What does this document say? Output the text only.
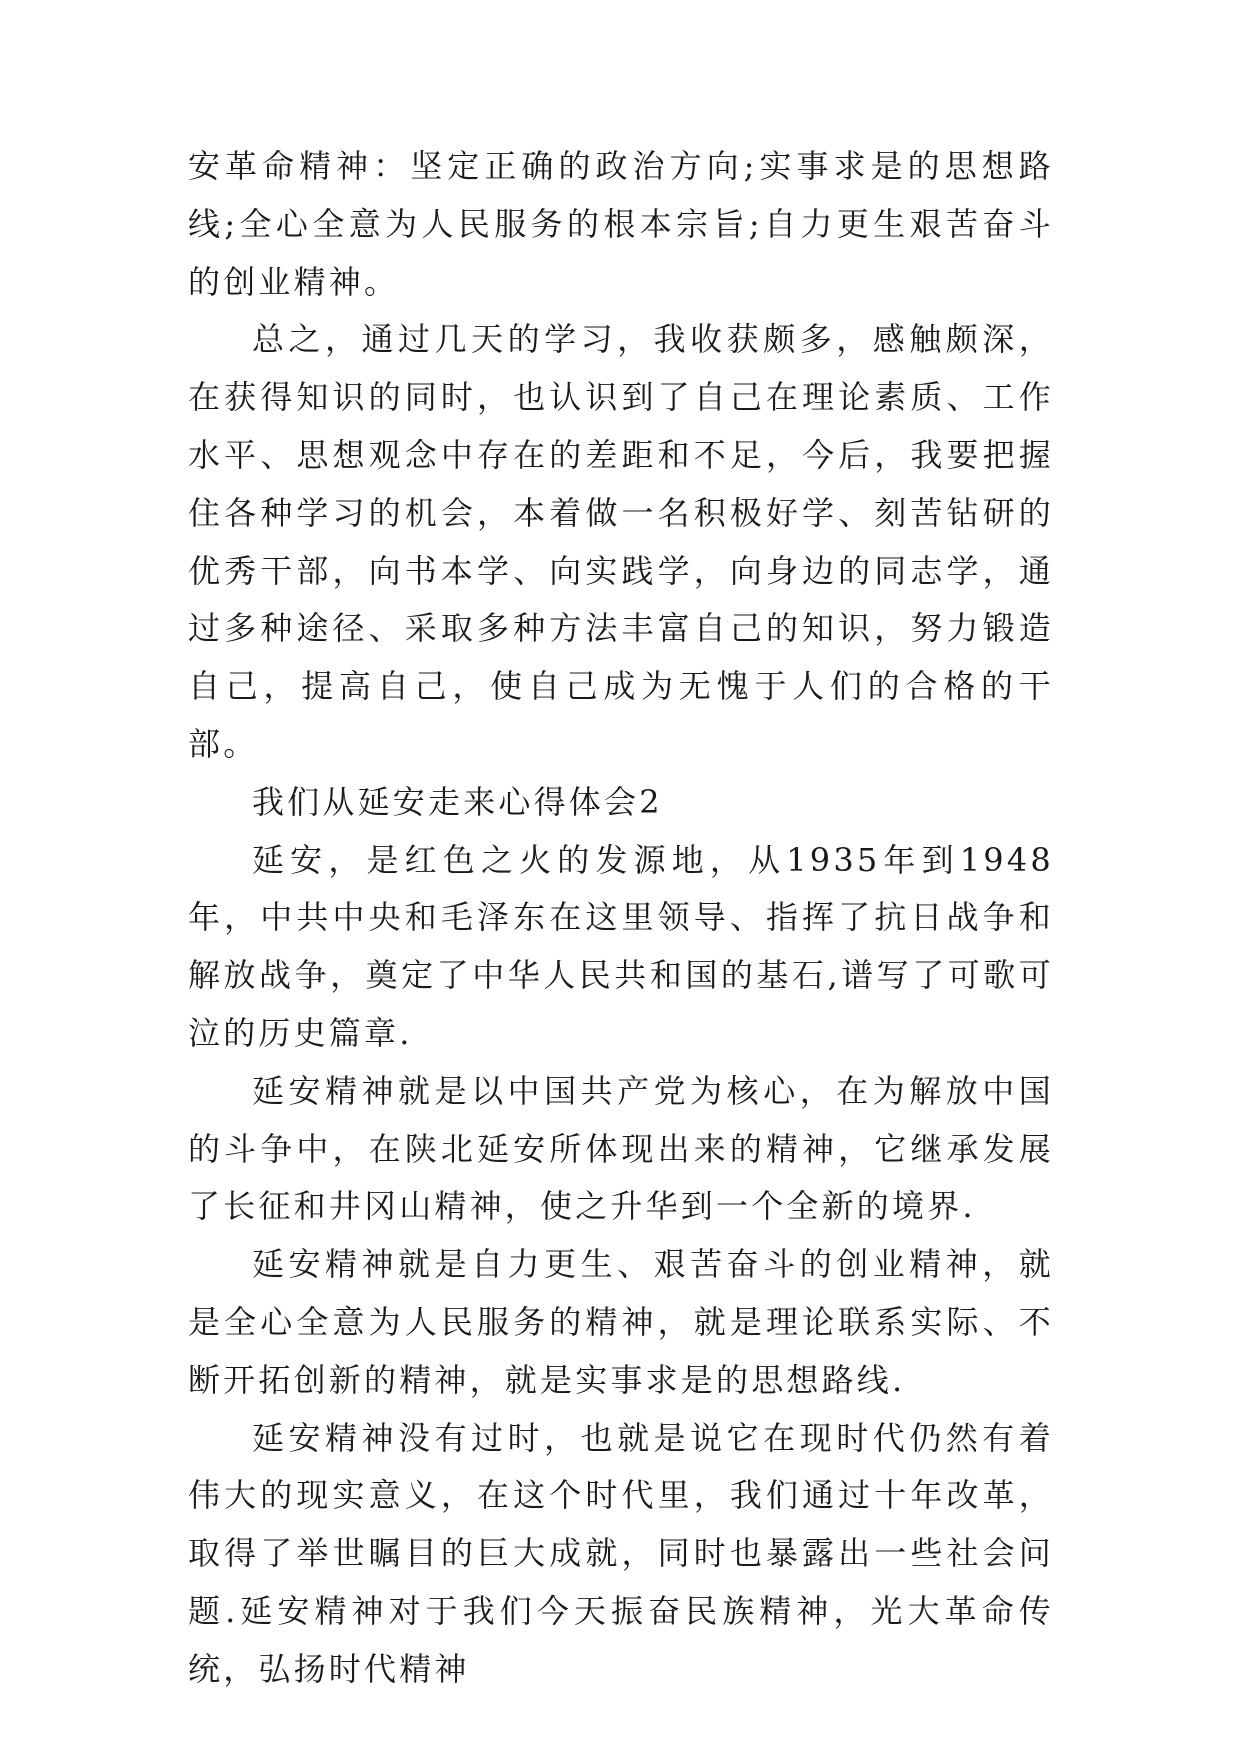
安革命精神：坚定正确的政治方向;实事求是的思想路线;全心全意为人民服务的根本宗旨;自力更生艰苦奋斗的创业精神。

总之，通过几天的学习，我收获颇多，感触颇深，在获得知识的同时，也认识到了自己在理论素质、工作水平、思想观念中存在的差距和不足，今后，我要把握住各种学习的机会，本着做一名积极好学、刻苦钻研的优秀干部，向书本学、向实践学，向身边的同志学，通过多种途径、采取多种方法丰富自己的知识，努力锻造自己，提高自己，使自己成为无愧于人们的合格的干部。

我们从延安走来心得体会2

延安，是红色之火的发源地，从1935年到1948年，中共中央和毛泽东在这里领导、指挥了抗日战争和解放战争，奠定了中华人民共和国的基石,谱写了可歌可泣的历史篇章.

延安精神就是以中国共产党为核心，在为解放中国的斗争中，在陕北延安所体现出来的精神，它继承发展了长征和井冈山精神，使之升华到一个全新的境界.

延安精神就是自力更生、艰苦奋斗的创业精神，就是全心全意为人民服务的精神，就是理论联系实际、不断开拓创新的精神，就是实事求是的思想路线.

延安精神没有过时，也就是说它在现时代仍然有着伟大的现实意义，在这个时代里，我们通过十年改革，取得了举世瞩目的巨大成就，同时也暴露出一些社会问题.延安精神对于我们今天振奋民族精神，光大革命传统，弘扬时代精神
